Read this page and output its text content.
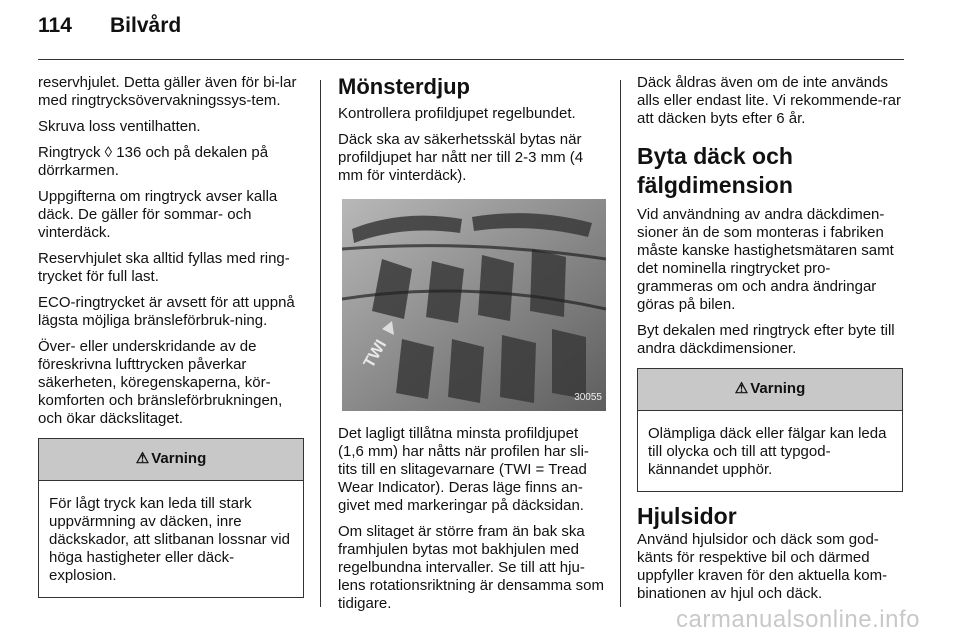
114 Bilvård

reservhjulet. Detta gäller även för bi-lar med ringtrycksövervakningssys-tem.

Skruva loss ventilhatten.

Ringtryck ◊ 136 och på dekalen på dörrkarmen.

Uppgifterna om ringtryck avser kalla däck. De gäller för sommar- och vinterdäck.

Reservhjulet ska alltid fyllas med ring-trycket för full last.

ECO-ringtrycket är avsett för att uppnå lägsta möjliga bränsleförbruk-ning.

Över- eller underskridande av de föreskrivna lufttrycken påverkar säkerheten, köregenskaperna, kör-komforten och bränsleförbrukningen, och ökar däckslitaget.

⚠ Varning
För lågt tryck kan leda till stark uppvärmning av däcken, inre däckskador, att slitbanan lossnar vid höga hastigheter eller däck-explosion.
Mönsterdjup

Kontrollera profildjupet regelbundet.

Däck ska av säkerhetsskäl bytas när profildjupet har nått ner till 2-3 mm (4 mm för vinterdäck).

TWI
30055

Det lagligt tillåtna minsta profildjupet (1,6 mm) har nåtts när profilen har sli-tits till en slitagevarnare (TWI = Tread Wear Indicator). Deras läge finns an-givet med markeringar på däcksidan.

Om slitaget är större fram än bak ska framhjulen bytas mot bakhjulen med regelbundna intervaller. Se till att hju-lens rotationsriktning är densamma som tidigare.

Däck åldras även om de inte används alls eller endast lite. Vi rekommende-rar att däcken byts efter 6 år.

Byta däck och fälgdimension

Vid användning av andra däckdimen-sioner än de som monteras i fabriken måste kanske hastighetsmätaren samt det nominella ringtrycket pro-grammeras om och andra ändringar göras på bilen.

Byt dekalen med ringtryck efter byte till andra däckdimensioner.

⚠ Varning
Olämpliga däck eller fälgar kan leda till olycka och till att typgod-kännandet upphör.
Hjulsidor

Använd hjulsidor och däck som god-känts för respektive bil och därmed uppfyller kraven för den aktuella kom-binationen av hjul och däck.

carmanualsonline.info
